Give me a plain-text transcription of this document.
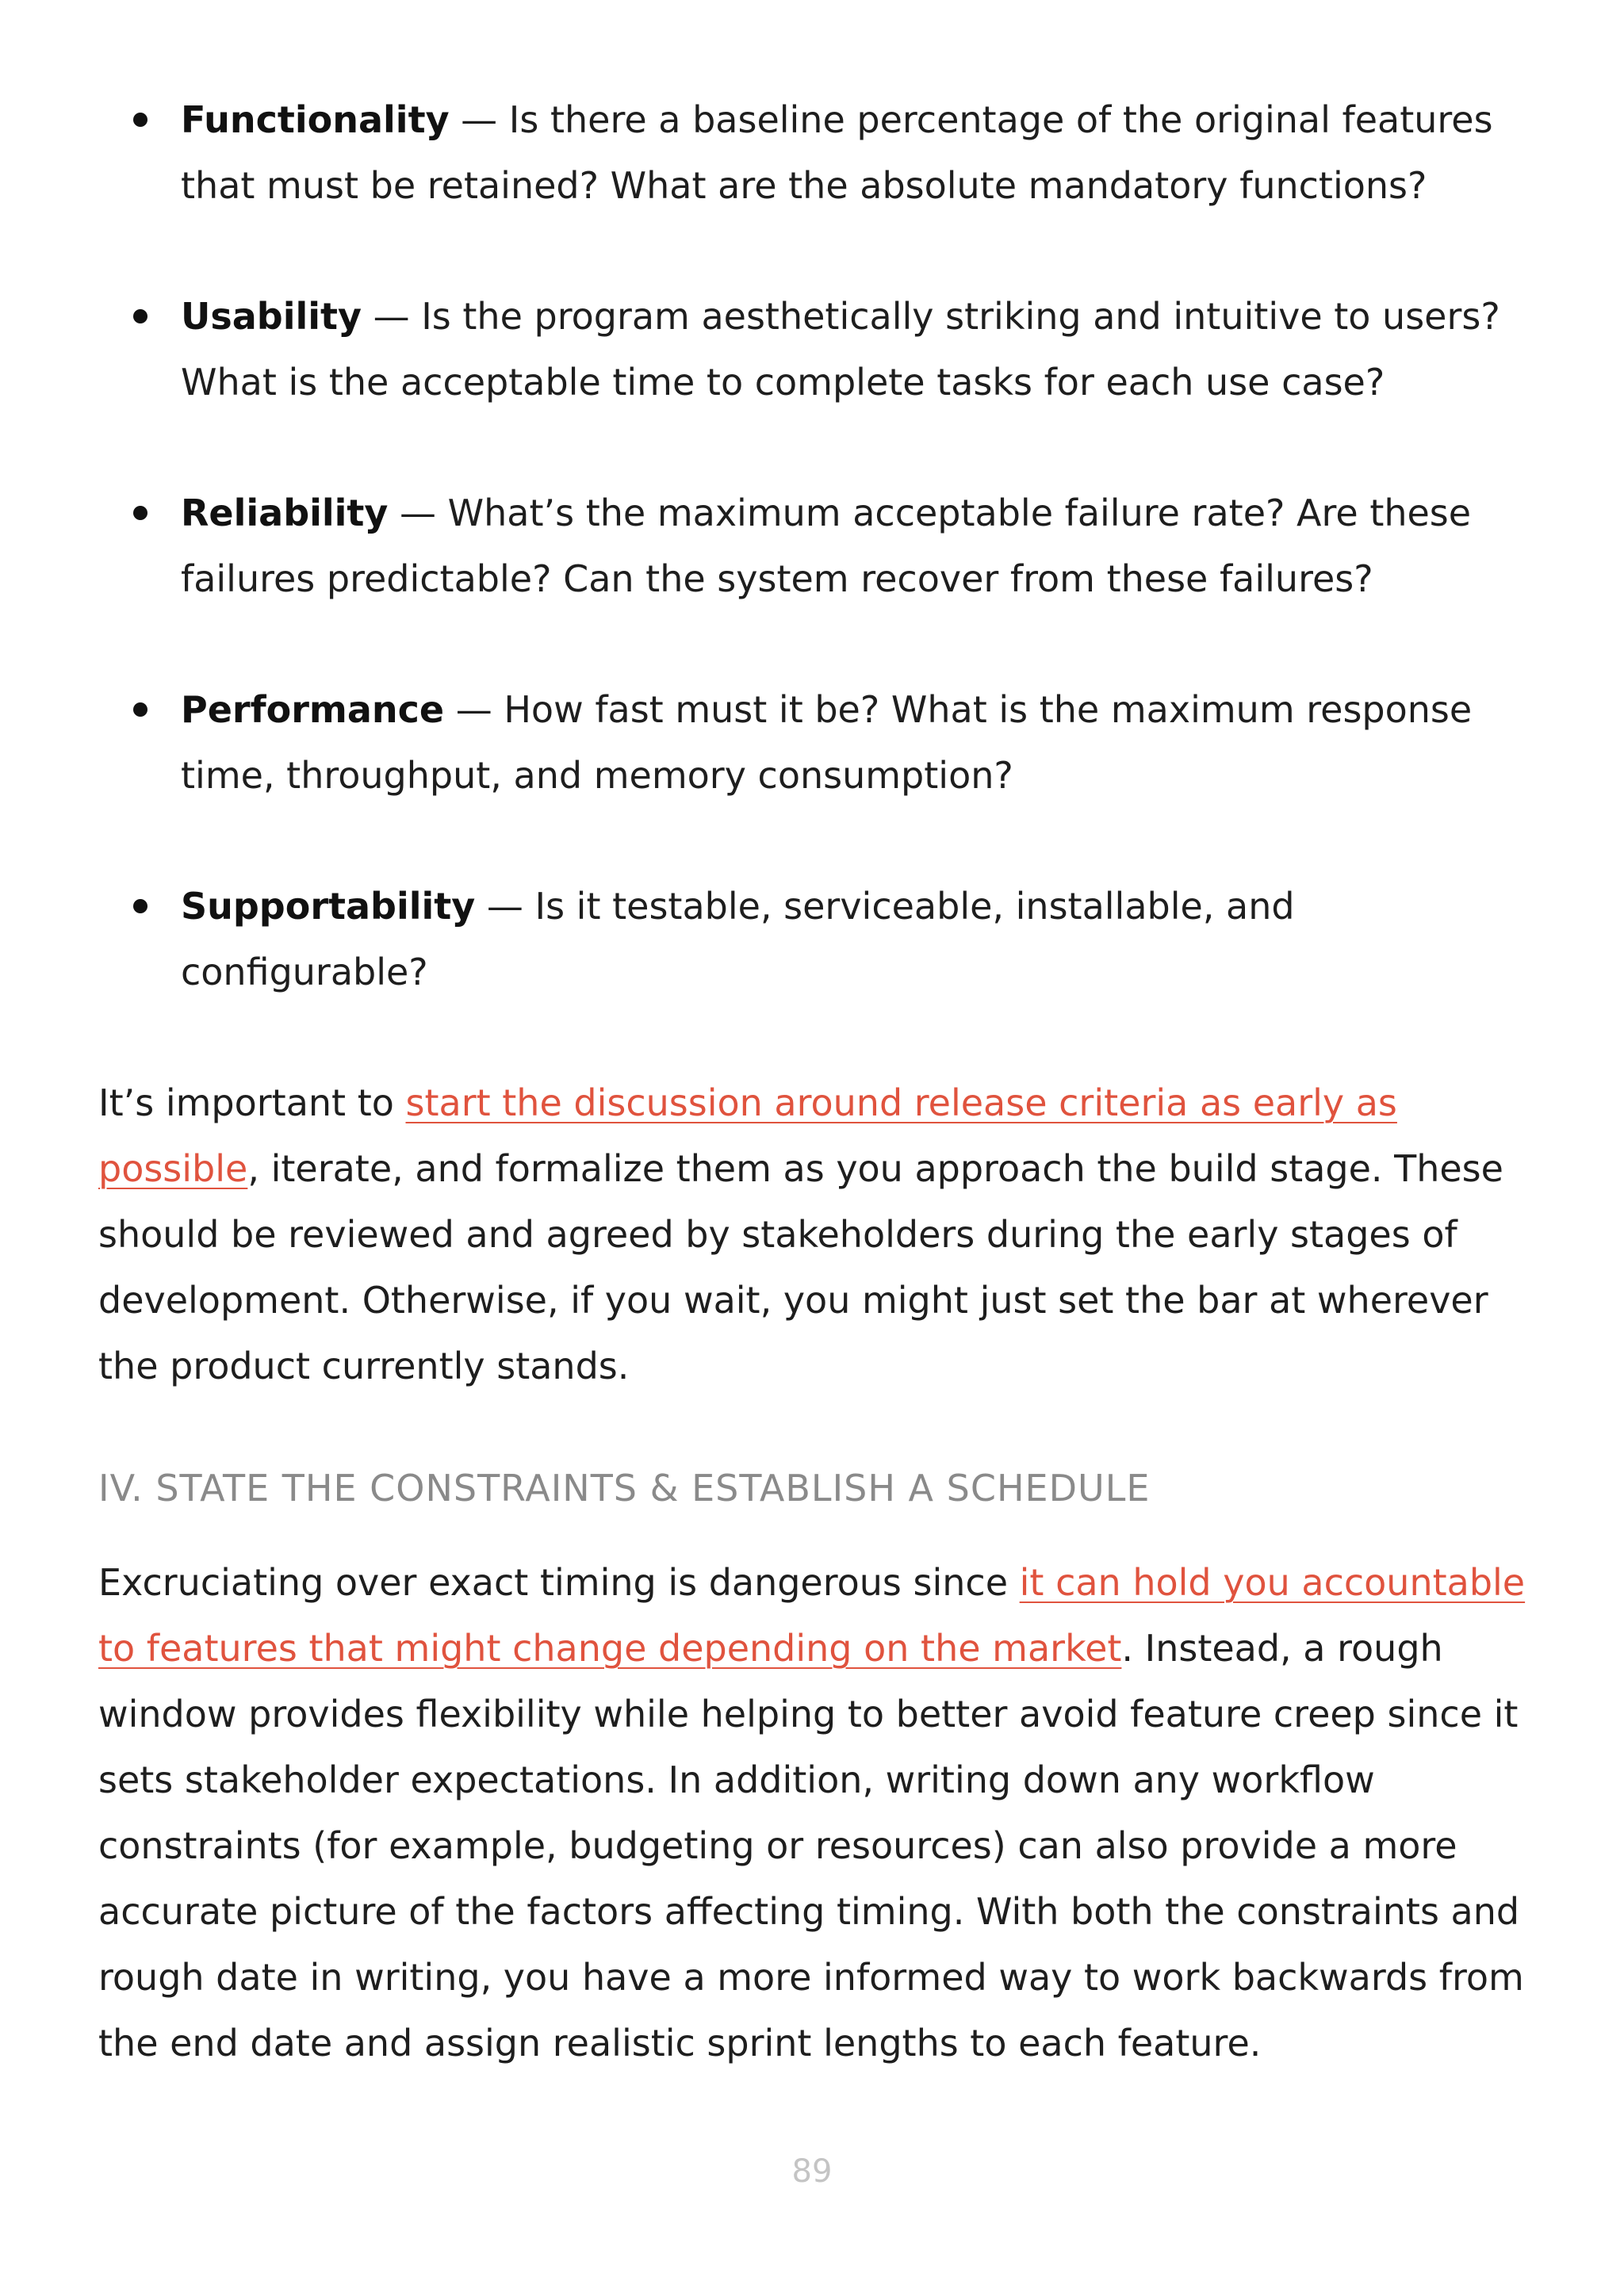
Functionality — Is there a baseline percentage of the original features that must be retained? What are the absolute mandatory functions?
Usability — Is the program aesthetically striking and intuitive to users? What is the acceptable time to complete tasks for each use case?
Reliability — What’s the maximum acceptable failure rate? Are these failures predictable? Can the system recover from these failures?
Performance — How fast must it be? What is the maximum response time, throughput, and memory consumption?
Supportability — Is it testable, serviceable, installable, and configurable?

It’s important to start the discussion around release criteria as early as possible, iterate, and formalize them as you approach the build stage. These should be reviewed and agreed by stakeholders during the early stages of development. Otherwise, if you wait, you might just set the bar at wherever the product currently stands.

IV. STATE THE CONSTRAINTS & ESTABLISH A SCHEDULE

Excruciating over exact timing is dangerous since it can hold you accountable to features that might change depending on the market. Instead, a rough window provides flexibility while helping to better avoid feature creep since it sets stakeholder expectations. In addition, writing down any workflow constraints (for example, budgeting or resources) can also provide a more accurate picture of the factors affecting timing. With both the constraints and rough date in writing, you have a more informed way to work backwards from the end date and assign realistic sprint lengths to each feature.

89
